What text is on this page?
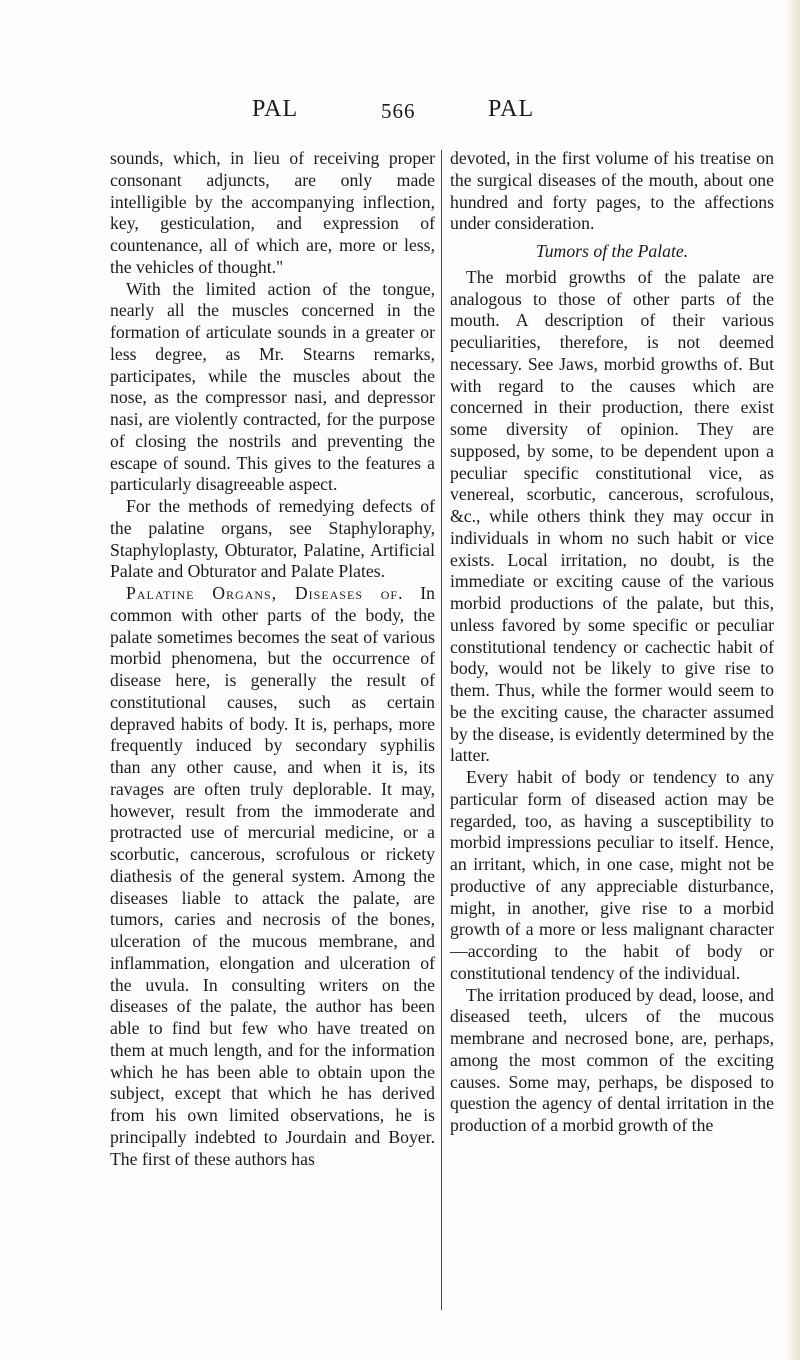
PAL	566	PAL

sounds, which, in lieu of receiving proper consonant adjuncts, are only made intelligible by the accompanying inflection, key, gesticulation, and expression of countenance, all of which are, more or less, the vehicles of thought."

With the limited action of the tongue, nearly all the muscles concerned in the formation of articulate sounds in a greater or less degree, as Mr. Stearns remarks, participates, while the muscles about the nose, as the compressor nasi, and depressor nasi, are violently contracted, for the purpose of closing the nostrils and preventing the escape of sound. This gives to the features a particularly disagreeable aspect.

For the methods of remedying defects of the palatine organs, see Staphyloraphy, Staphyloplasty, Obturator, Palatine, Artificial Palate and Obturator and Palate Plates.

Palatine Organs, Diseases of. In common with other parts of the body, the palate sometimes becomes the seat of various morbid phenomena, but the occurrence of disease here, is generally the result of constitutional causes, such as certain depraved habits of body. It is, perhaps, more frequently induced by secondary syphilis than any other cause, and when it is, its ravages are often truly deplorable. It may, however, result from the immoderate and protracted use of mercurial medicine, or a scorbutic, cancerous, scrofulous or rickety diathesis of the general system. Among the diseases liable to attack the palate, are tumors, caries and necrosis of the bones, ulceration of the mucous membrane, and inflammation, elongation and ulceration of the uvula. In consulting writers on the diseases of the palate, the author has been able to find but few who have treated on them at much length, and for the information which he has been able to obtain upon the subject, except that which he has derived from his own limited observations, he is principally indebted to Jourdain and Boyer. The first of these authors has

devoted, in the first volume of his treatise on the surgical diseases of the mouth, about one hundred and forty pages, to the affections under consideration.

Tumors of the Palate.

The morbid growths of the palate are analogous to those of other parts of the mouth. A description of their various peculiarities, therefore, is not deemed necessary. See Jaws, morbid growths of. But with regard to the causes which are concerned in their production, there exist some diversity of opinion. They are supposed, by some, to be dependent upon a peculiar specific constitutional vice, as venereal, scorbutic, cancerous, scrofulous, &c., while others think they may occur in individuals in whom no such habit or vice exists. Local irritation, no doubt, is the immediate or exciting cause of the various morbid productions of the palate, but this, unless favored by some specific or peculiar constitutional tendency or cachectic habit of body, would not be likely to give rise to them. Thus, while the former would seem to be the exciting cause, the character assumed by the disease, is evidently determined by the latter.

Every habit of body or tendency to any particular form of diseased action may be regarded, too, as having a susceptibility to morbid impressions peculiar to itself. Hence, an irritant, which, in one case, might not be productive of any appreciable disturbance, might, in another, give rise to a morbid growth of a more or less malignant character—according to the habit of body or constitutional tendency of the individual.

The irritation produced by dead, loose, and diseased teeth, ulcers of the mucous membrane and necrosed bone, are, perhaps, among the most common of the exciting causes. Some may, perhaps, be disposed to question the agency of dental irritation in the production of a morbid growth of the
